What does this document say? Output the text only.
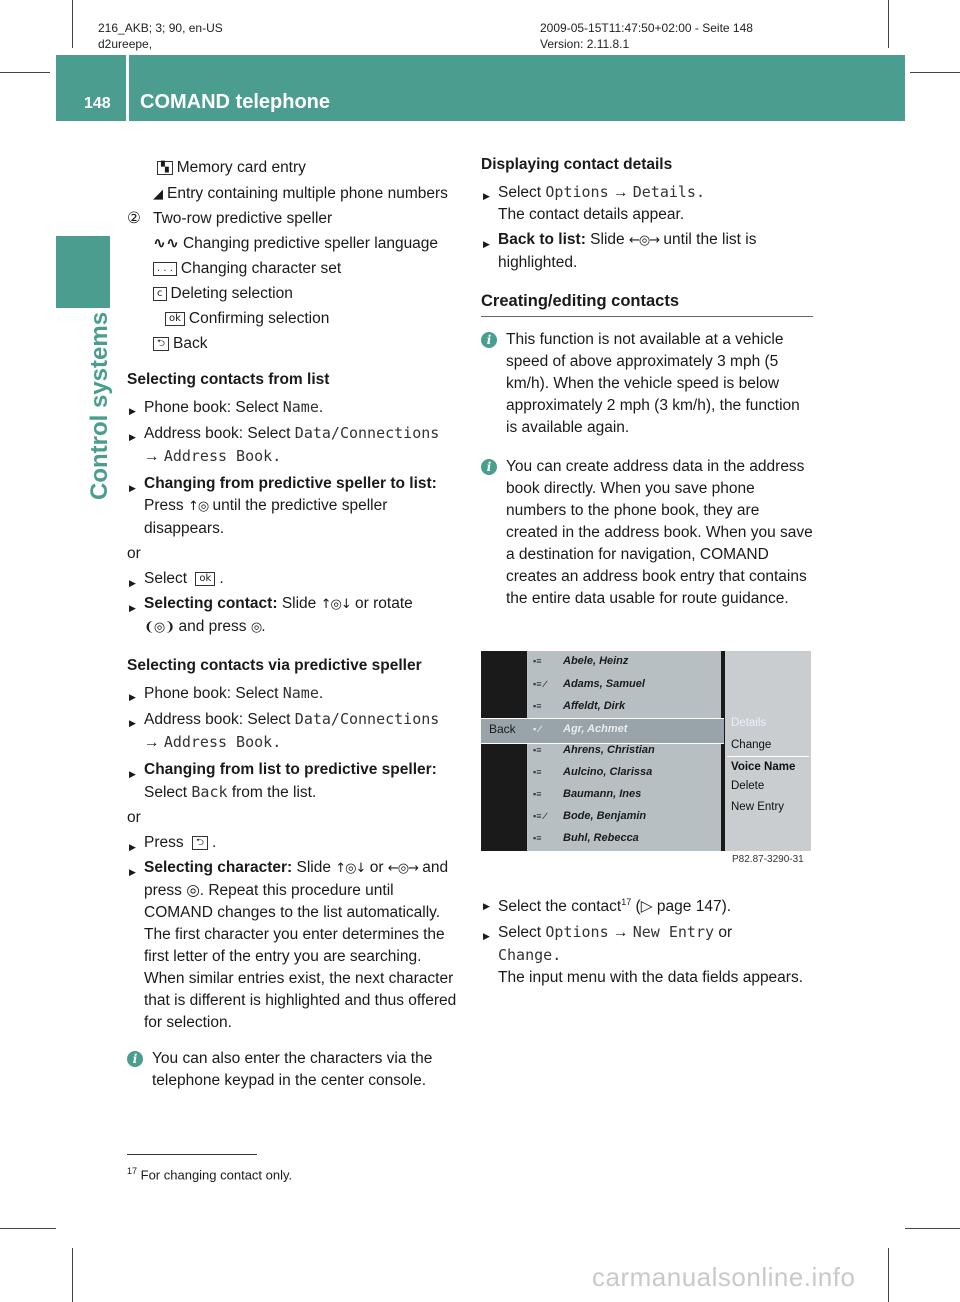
216_AKB; 3; 90, en-US
d2ureepe,
2009-05-15T11:47:50+02:00 - Seite 148
Version: 2.11.8.1
148 COMAND telephone
Control systems

▚ Memory card entry

◢ Entry containing multiple phone numbers

② Two-row predictive speller

∿∿ Changing predictive speller language

. . . Changing character set

c Deleting selection

ok Confirming selection

⮌ Back

Selecting contacts from list

▶ Phone book: Select Name.

▶ Address book: Select Data/Connections
→ Address Book.

▶ Changing from predictive speller to list: Press ↑◎ until the predictive speller disappears.

or

▶ Select ok .

▶ Selecting contact: Slide ↑◎↓ or rotate
❨◎❩ and press ◎.

Selecting contacts via predictive speller

▶ Phone book: Select Name.

▶ Address book: Select Data/Connections
→ Address Book.

▶ Changing from list to predictive speller: Select Back from the list.

or

▶ Press ⮌ .

▶ Selecting character: Slide ↑◎↓ or ←◎→ and press ◎. Repeat this procedure until COMAND changes to the list automatically. The first character you enter determines the first letter of the entry you are searching. When similar entries exist, the next character that is different is highlighted and thus offered for selection.

i You can also enter the characters via the telephone keypad in the center console.

Displaying contact details

▶ Select Options → Details.
The contact details appear.

▶ Back to list: Slide ←◎→ until the list is highlighted.

Creating/editing contacts

i This function is not available at a vehicle speed of above approximately 3 mph (5 km/h). When the vehicle speed is below approximately 2 mph (3 km/h), the function is available again.

i You can create address data in the address book directly. When you save phone numbers to the phone book, they are created in the address book. When you save a destination for navigation, COMAND creates an address book entry that contains the entire data usable for route guidance.

Back
▪≡ Abele, Heinz
▪≡ ∕ Adams, Samuel
▪≡ Affeldt, Dirk
▪ ∕ Agr, Achmet
▪≡ Ahrens, Christian
▪≡ Aulcino, Clarissa
▪≡ Baumann, Ines
▪≡ ∕ Bode, Benjamin
▪≡ Buhl, Rebecca
Details
Change
Voice Name
Delete
New Entry
P82.87-3290-31

▶ Select the contact$^{17}$ (▷ page 147).

▶ Select Options → New Entry or
Change.
The input menu with the data fields appears.

$^{17}$ For changing contact only.
carmanualsonline.info
